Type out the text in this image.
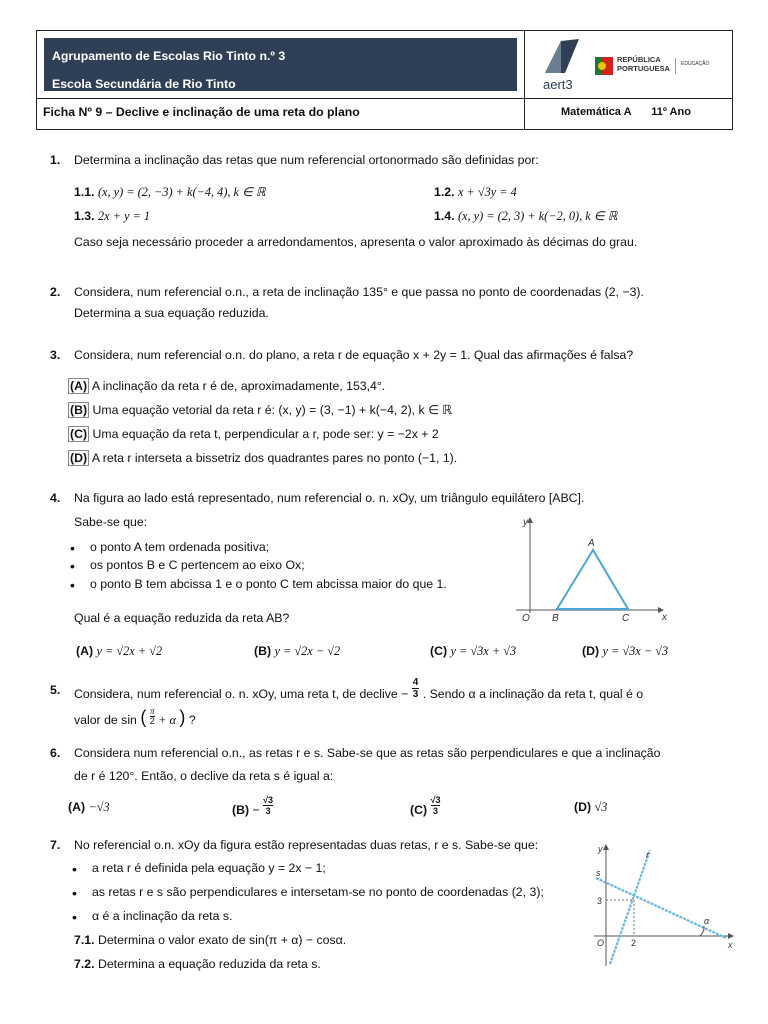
Agrupamento de Escolas Rio Tinto n.º 3
Escola Secundária de Rio Tinto	aert3
REPÚBLICA
PORTUGUESA EDUCAÇÃO
Ficha Nº 9 – Declive e inclinação de uma reta do plano	Matemática A 11º Ano
1. Determina a inclinação das retas que num referencial ortonormado são definidas por:
1.1. (x, y) = (2, −3) + k(−4, 4), k ∈ ℝ	1.2. x + √3y = 4
1.3. 2x + y = 1	1.4. (x, y) = (2, 3) + k(−2, 0), k ∈ ℝ
Caso seja necessário proceder a arredondamentos, apresenta o valor aproximado às décimas do grau.
2. Considera, num referencial o.n., a reta de inclinação 135° e que passa no ponto de coordenadas (2, −3).
Determina a sua equação reduzida.
3. Considera, num referencial o.n. do plano, a reta r de equação x + 2y = 1. Qual das afirmações é falsa?
(A) A inclinação da reta r é de, aproximadamente, 153,4°.
(B) Uma equação vetorial da reta r é: (x, y) = (3, −1) + k(−4, 2), k ∈ ℝ
(C) Uma equação da reta t, perpendicular a r, pode ser: y = −2x + 2
(D) A reta r interseta a bissetriz dos quadrantes pares no ponto (−1, 1).
4. Na figura ao lado está representado, num referencial o. n. xOy, um triângulo equilátero [ABC].
Sabe-se que:
• o ponto A tem ordenada positiva;
• os pontos B e C pertencem ao eixo Ox;
• o ponto B tem abcissa 1 e o ponto C tem abcissa maior do que 1.
Qual é a equação reduzida da reta AB?
y
x
O
A
B	C
(A) y = √2x + √2	(B) y = √2x − √2	(C) y = √3x + √3	(D) y = √3x − √3
5. Considera, num referencial o. n. xOy, uma reta t, de declive − $\frac{4}{3}$ . Sendo α a inclinação da reta t, qual é o
valor de sin ( $\frac{\pi}{2} + \alpha$ ) ?
6. Considera num referencial o.n., as retas r e s. Sabe-se que as retas são perpendiculares e que a inclinação
de r é 120°. Então, o declive da reta s é igual a:
(A) −√3	$(B) - \frac{√3}{3}$	$(C) \frac{√3}{3}$	(D) √3
7. No referencial o.n. xOy da figura estão representadas duas retas, r e s. Sabe-se que:
• a reta r é definida pela equação y = 2x − 1;
• as retas r e s são perpendiculares e intersetam-se no ponto de coordenadas (2, 3);
• α é a inclinação da reta s.
7.1. Determina o valor exato de sin(π + α) − cosα.
7.2. Determina a equação reduzida da reta s.
y
x
O
3
2
r
s
α
